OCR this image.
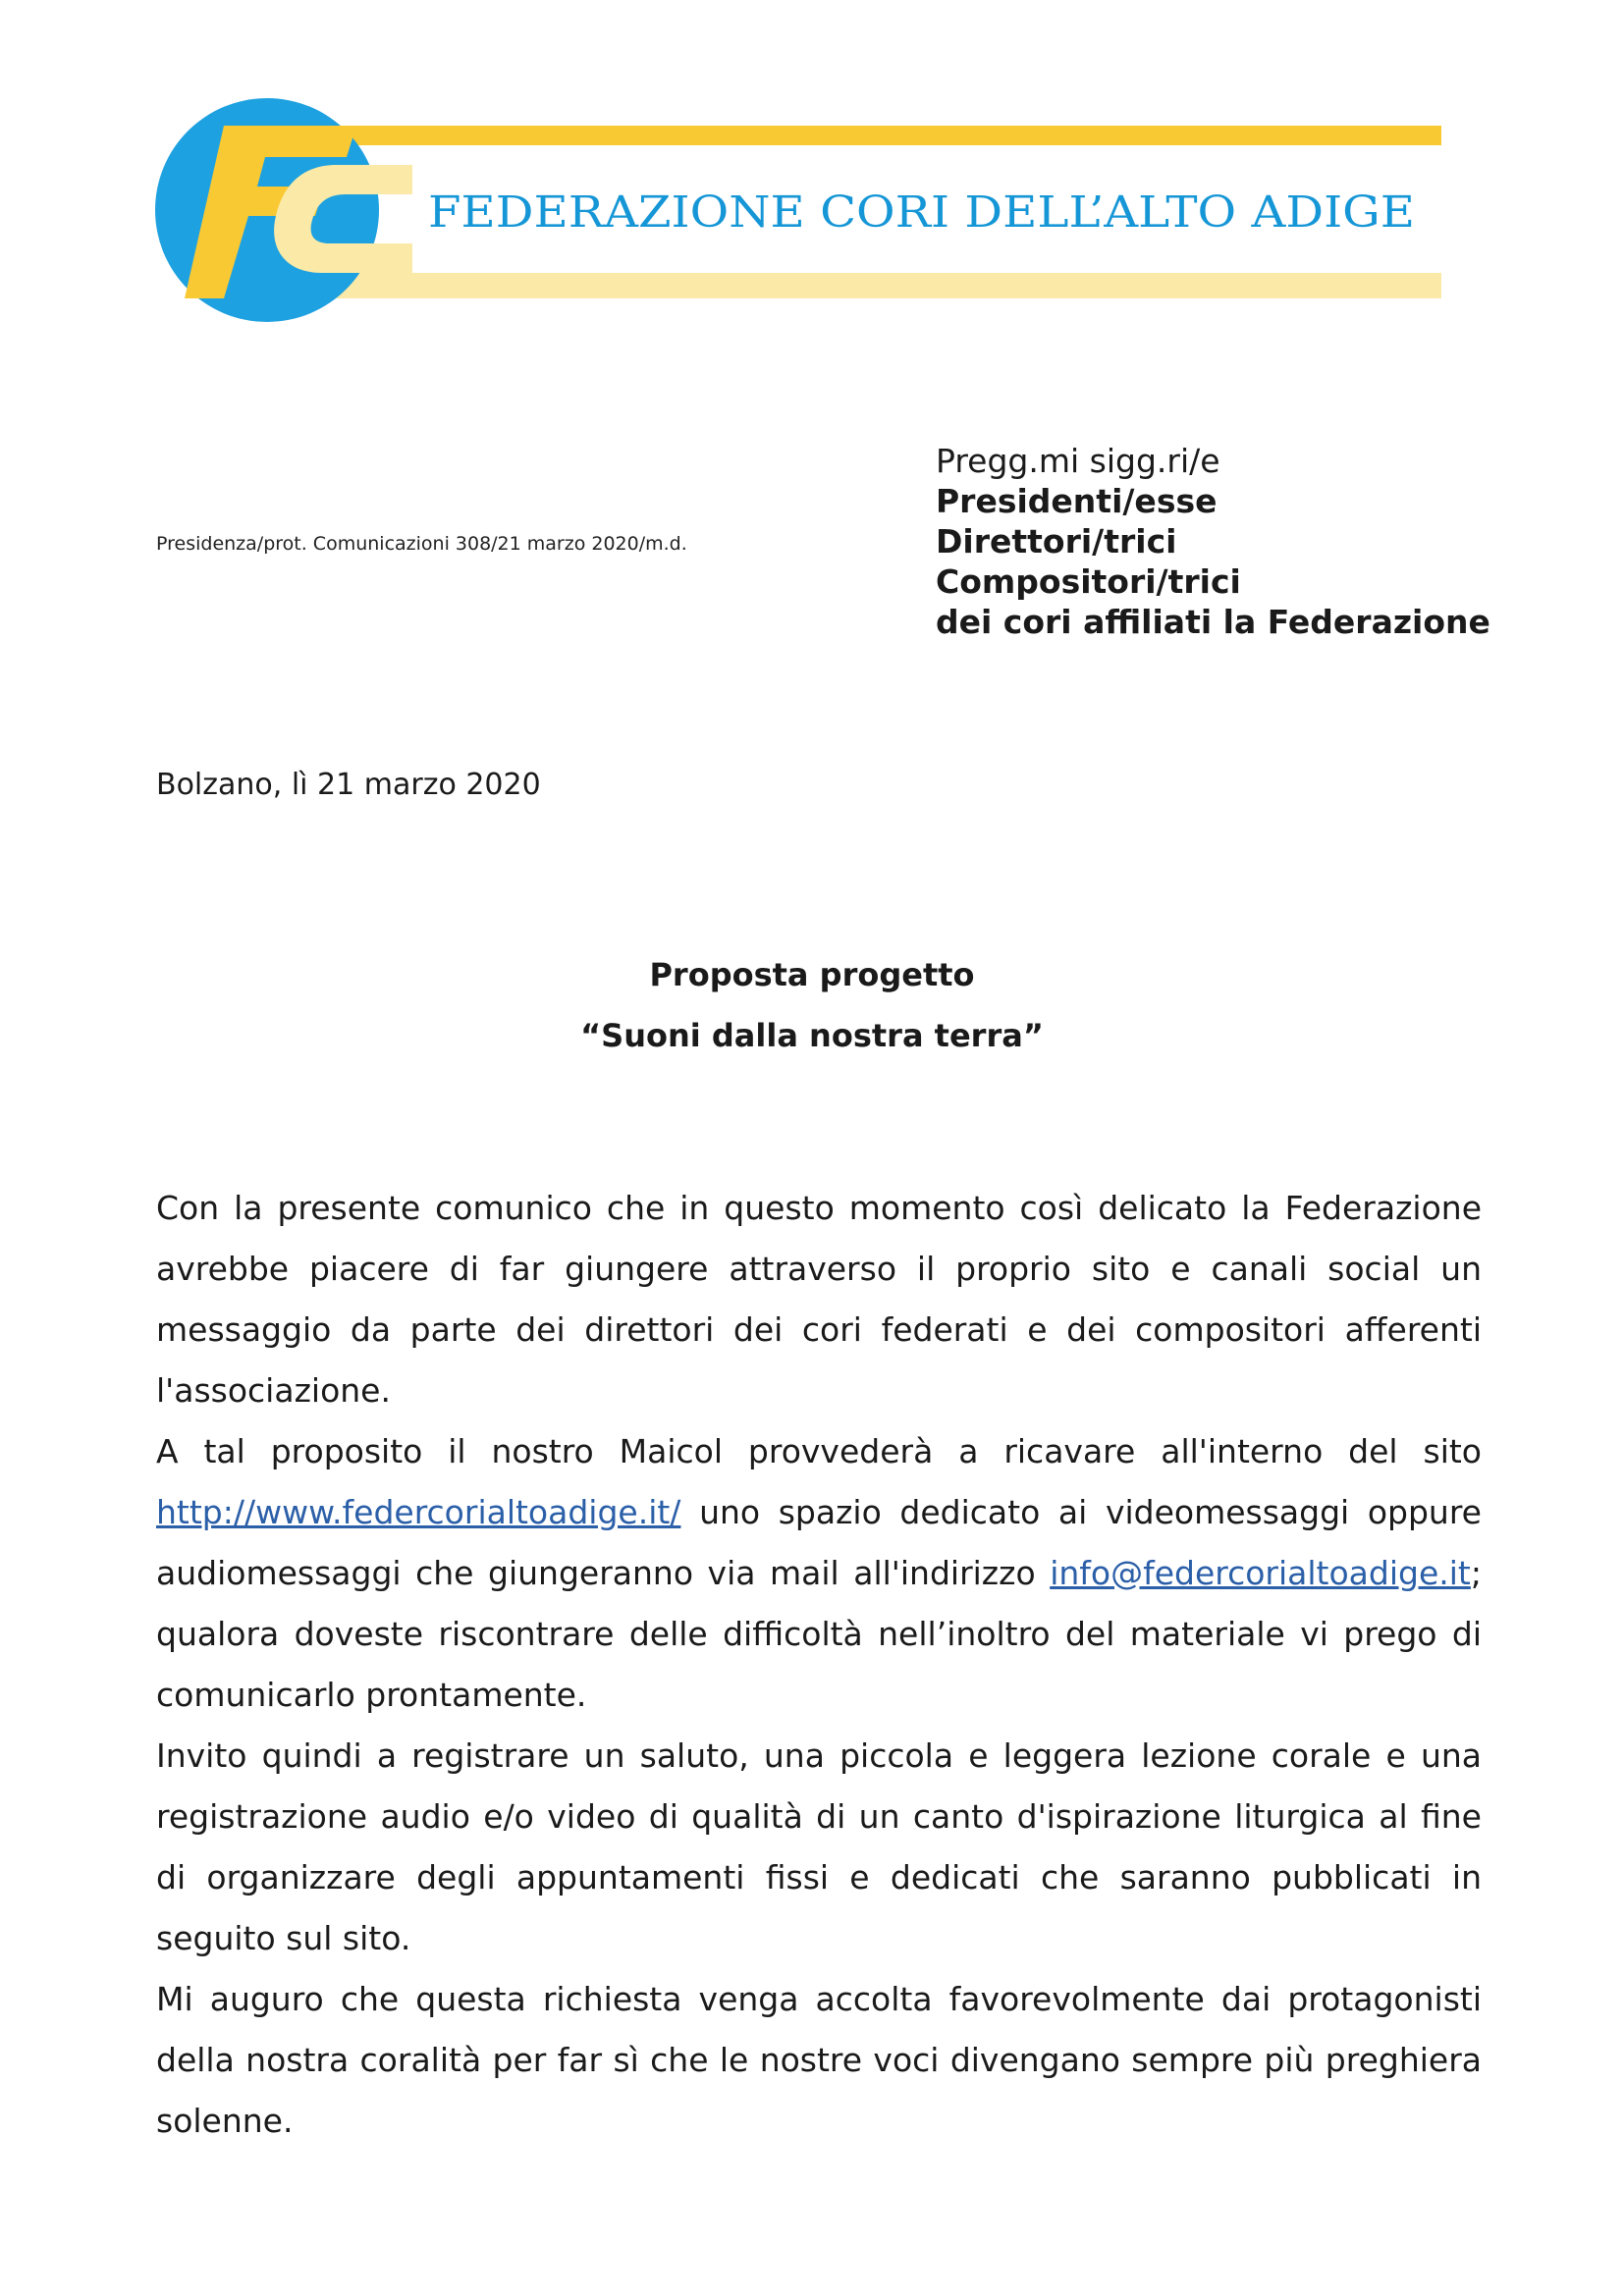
FC
FEDERAZIONE CORI DELL’ALTO ADIGE
Presidenza/prot. Comunicazioni 308/21 marzo 2020/m.d.
Pregg.mi sigg.ri/e
Presidenti/esse
Direttori/trici
Compositori/trici
dei cori affiliati la Federazione
Bolzano, lì 21 marzo 2020
Proposta progetto
“Suoni dalla nostra terra”

Con la presente comunico che in questo momento così delicato la Federazione avrebbe piacere di far giungere attraverso il proprio sito e canali social un messaggio da parte dei direttori dei cori federati e dei compositori afferenti l'associazione.

A tal proposito il nostro Maicol provvederà a ricavare all'interno del sito http://www.federcorialtoadige.it/ uno spazio dedicato ai videomessaggi oppure audiomessaggi che giungeranno via mail all'indirizzo info@federcorialtoadige.it; qualora doveste riscontrare delle difficoltà nell’inoltro del materiale vi prego di comunicarlo prontamente.

Invito quindi a registrare un saluto, una piccola e leggera lezione corale e una registrazione audio e/o video di qualità di un canto d'ispirazione liturgica al fine di organizzare degli appuntamenti fissi e dedicati che saranno pubblicati in seguito sul sito.

Mi auguro che questa richiesta venga accolta favorevolmente dai protagonisti della nostra coralità per far sì che le nostre voci divengano sempre più preghiera solenne.
